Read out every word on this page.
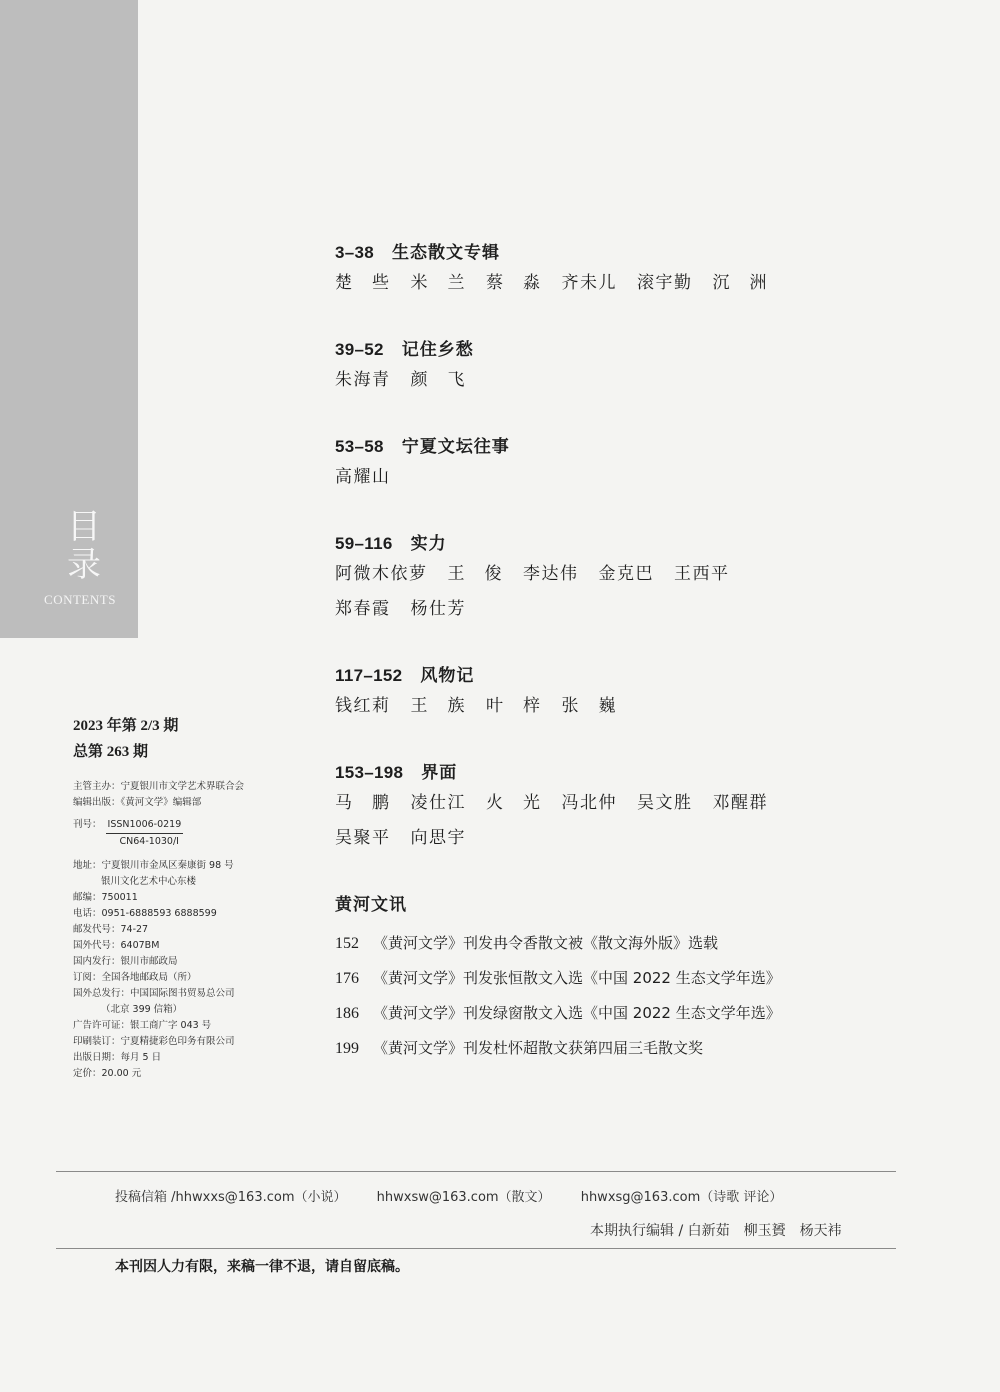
目
录
CONTENTS
2023 年第 2/3 期
总第 263 期
主管主办：宁夏银川市文学艺术界联合会
编辑出版：《黄河文学》编辑部
刊号： ISSN1006-0219
CN64-1030/I
地址：宁夏银川市金凤区秦康街 98 号
银川文化艺术中心东楼
邮编：750011
电话：0951-6888593 6888599
邮发代号：74-27
国外代号：6407BM
国内发行：银川市邮政局
订阅：全国各地邮政局（所）
国外总发行：中国国际图书贸易总公司
（北京 399 信箱）
广告许可证：银工商广字 043 号
印刷装订：宁夏精捷彩色印务有限公司
出版日期：每月 5 日
定价：20.00 元
3–38 生态散文专辑
楚　些 米　兰 蔡　淼 齐未儿 滚宇勤 沉　洲
39–52 记住乡愁
朱海青 颜　飞
53–58 宁夏文坛往事
高耀山
59–116 实力
阿微木依萝 王　俊 李达伟 金克巴 王西平
郑春霞 杨仕芳
117–152 风物记
钱红莉 王　族 叶　梓 张　巍
153–198 界面
马　鹏 凌仕江 火　光 冯北仲 吴文胜 邓醒群
吴聚平 向思宇
黄河文讯
152 《黄河文学》刊发冉令香散文被《散文海外版》选载
176 《黄河文学》刊发张恒散文入选《中国 2022 生态文学年选》
186 《黄河文学》刊发绿窗散文入选《中国 2022 生态文学年选》
199 《黄河文学》刊发杜怀超散文获第四届三毛散文奖
投稿信箱 /hhwxxs@163.com（小说） hhwxsw@163.com（散文） hhwxsg@163.com（诗歌 评论）
本期执行编辑 / 白新茹　柳玉贇　杨天袆
本刊因人力有限，来稿一律不退，请自留底稿。
